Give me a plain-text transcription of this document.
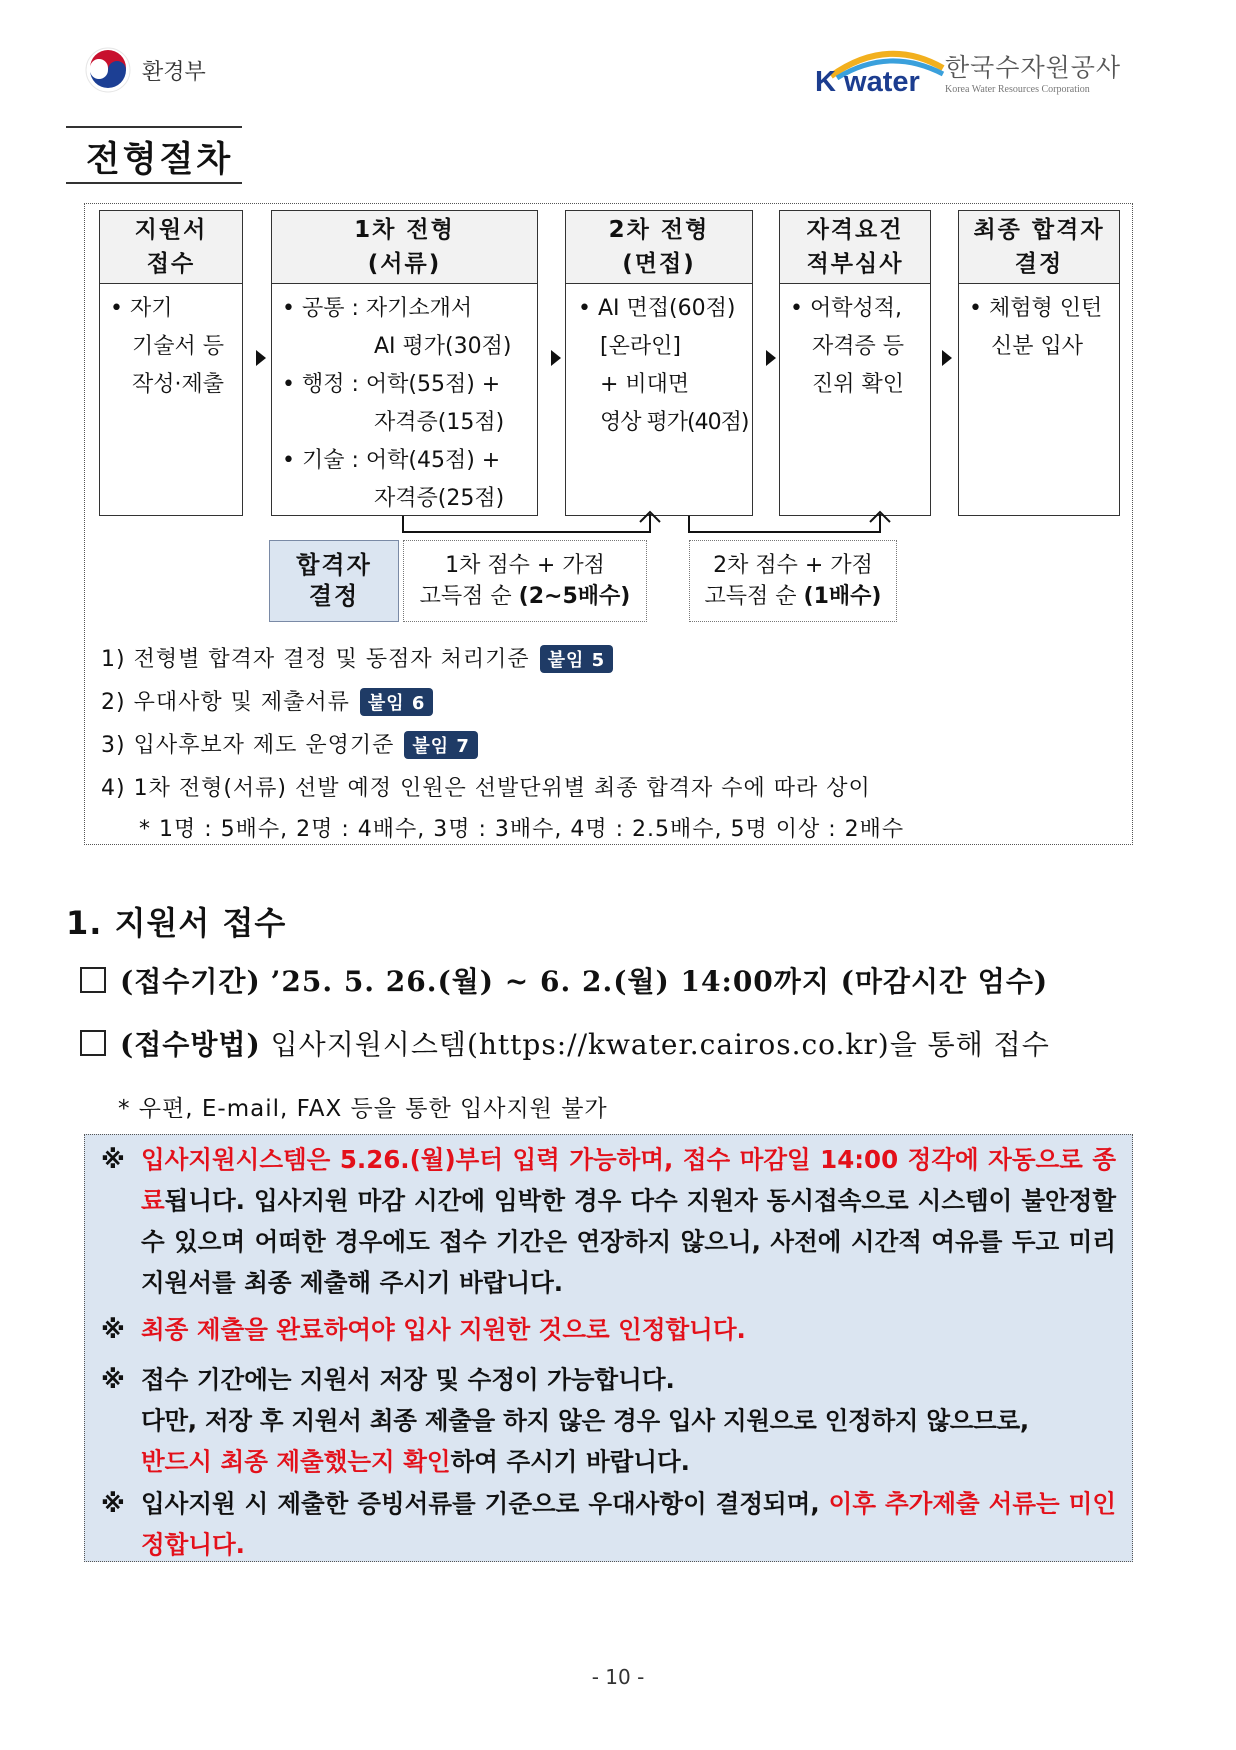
환경부	K water 한국수자원공사
Korea Water Resources Corporation
전형절차
지원서
접수
• 자기
기술서 등
작성·제출
1차 전형
(서류)
• 공통 : 자기소개서
AI 평가(30점)
• 행정 : 어학(55점) +
자격증(15점)
• 기술 : 어학(45점) +
자격증(25점)
2차 전형
(면접)
• AI 면접(60점)
[온라인]
+ 비대면
영상 평가(40점)
자격요건
적부심사
• 어학성적,
자격증 등
진위 확인
최종 합격자
결정
• 체험형 인턴
신분 입사
합격자
결정
1차 점수 + 가점
고득점 순 (2~5배수)
2차 점수 + 가점
고득점 순 (1배수)
1) 전형별 합격자 결정 및 동점자 처리기준 붙임 5
2) 우대사항 및 제출서류 붙임 6
3) 입사후보자 제도 운영기준 붙임 7
4) 1차 전형(서류) 선발 예정 인원은 선발단위별 최종 합격자 수에 따라 상이
* 1명 : 5배수, 2명 : 4배수, 3명 : 3배수, 4명 : 2.5배수, 5명 이상 : 2배수
1. 지원서 접수
(접수기간) ’25. 5. 26.(월) ~ 6. 2.(월) 14:00까지 (마감시간 엄수)
(접수방법) 입사지원시스템(https://kwater.cairos.co.kr)을 통해 접수
* 우편, E-mail, FAX 등을 통한 입사지원 불가
※ 입사지원시스템은 5.26.(월)부터 입력 가능하며, 접수 마감일 14:00 정각에 자동으로 종료됩니다. 입사지원 마감 시간에 임박한 경우 다수 지원자 동시접속으로 시스템이 불안정할 수 있으며 어떠한 경우에도 접수 기간은 연장하지 않으니, 사전에 시간적 여유를 두고 미리 지원서를 최종 제출해 주시기 바랍니다.
※ 최종 제출을 완료하여야 입사 지원한 것으로 인정합니다.
※ 접수 기간에는 지원서 저장 및 수정이 가능합니다.
다만, 저장 후 지원서 최종 제출을 하지 않은 경우 입사 지원으로 인정하지 않으므로,
반드시 최종 제출했는지 확인하여 주시기 바랍니다.
※ 입사지원 시 제출한 증빙서류를 기준으로 우대사항이 결정되며, 이후 추가제출 서류는 미인정합니다.
- 10 -
